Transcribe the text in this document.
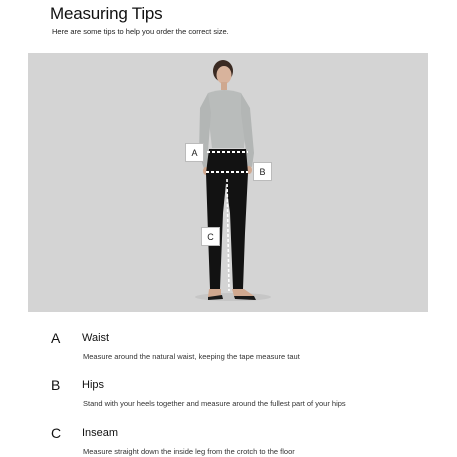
Measuring Tips

Here are some tips to help you order the correct size.

A
B
C
A Waist
Measure around the natural waist, keeping the tape measure taut
B Hips
Stand with your heels together and measure around the fullest part of your hips
C Inseam
Measure straight down the inside leg from the crotch to the floor
